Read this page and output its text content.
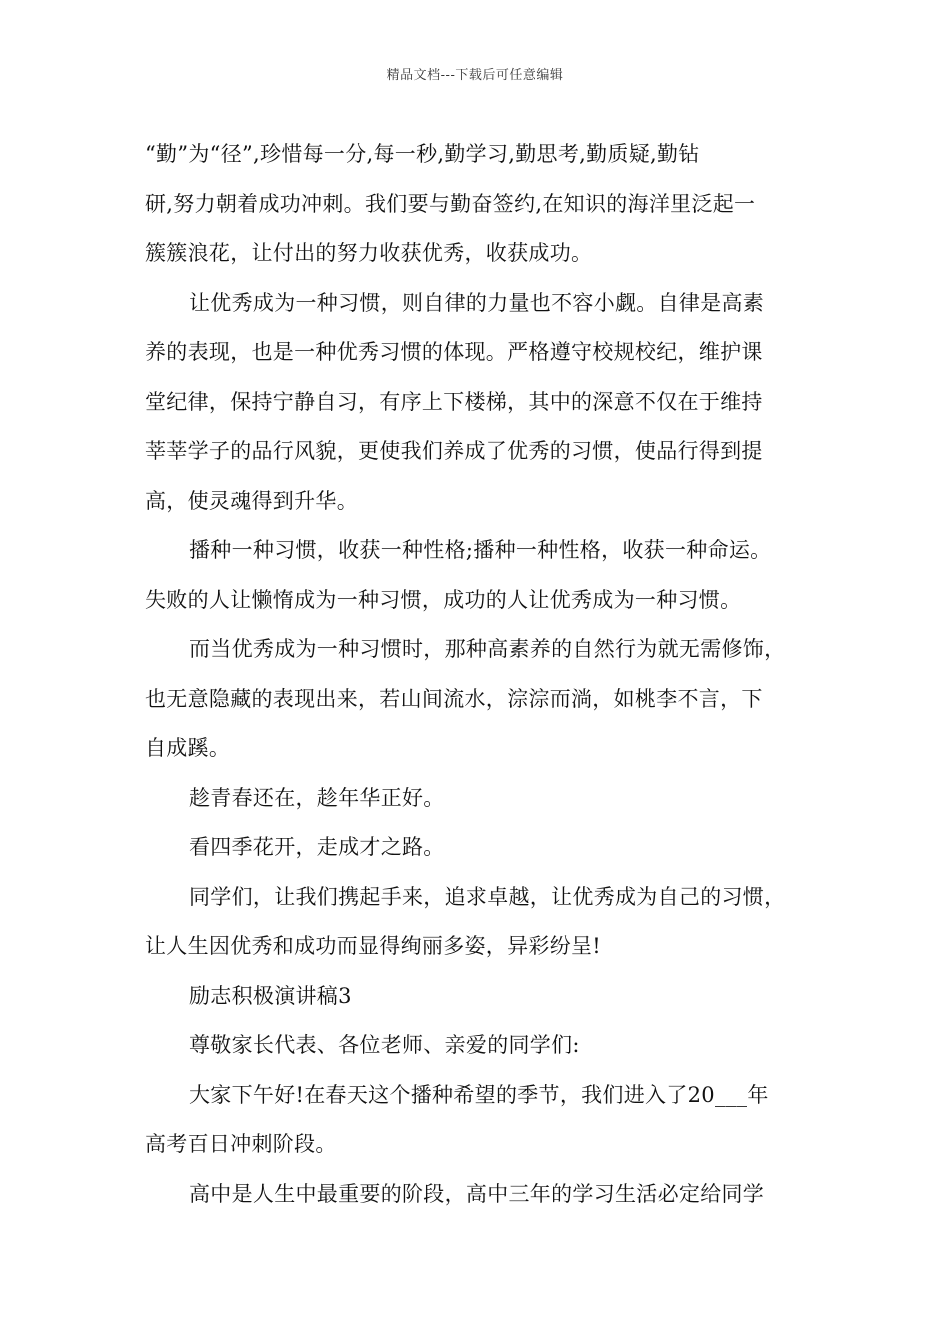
精品文档---下载后可任意编辑
“勤”为“径”,珍惜每一分,每一秒,勤学习,勤思考,勤质疑,勤钻
研,努力朝着成功冲刺。我们要与勤奋签约,在知识的海洋里泛起一
簇簇浪花，让付出的努力收获优秀，收获成功。
让优秀成为一种习惯，则自律的力量也不容小觑。自律是高素
养的表现，也是一种优秀习惯的体现。严格遵守校规校纪，维护课
堂纪律，保持宁静自习，有序上下楼梯，其中的深意不仅在于维持
莘莘学子的品行风貌，更使我们养成了优秀的习惯，使品行得到提
高，使灵魂得到升华。
播种一种习惯，收获一种性格;播种一种性格，收获一种命运。
失败的人让懒惰成为一种习惯，成功的人让优秀成为一种习惯。
而当优秀成为一种习惯时，那种高素养的自然行为就无需修饰，
也无意隐藏的表现出来，若山间流水，淙淙而淌，如桃李不言，下
自成蹊。
趁青春还在，趁年华正好。
看四季花开，走成才之路。
同学们，让我们携起手来，追求卓越，让优秀成为自己的习惯，
让人生因优秀和成功而显得绚丽多姿，异彩纷呈!
励志积极演讲稿3
尊敬家长代表、各位老师、亲爱的同学们:
大家下午好!在春天这个播种希望的季节，我们进入了20___年
高考百日冲刺阶段。
高中是人生中最重要的阶段，高中三年的学习生活必定给同学
